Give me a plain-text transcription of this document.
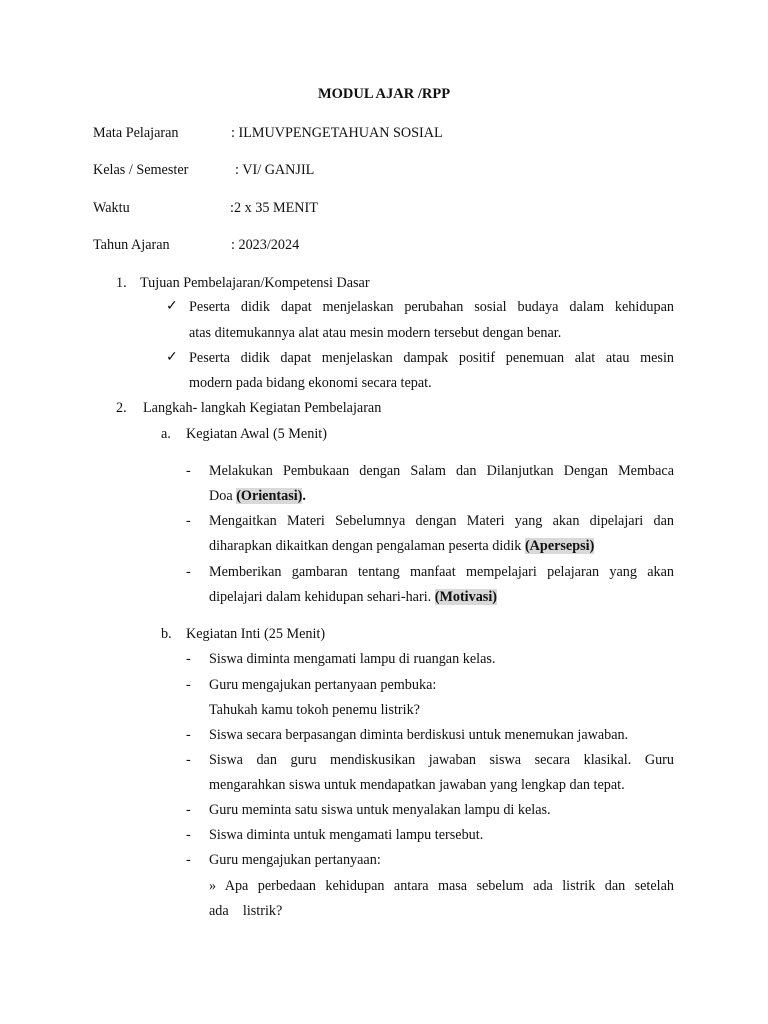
MODUL AJAR /RPP
Mata Pelajaran	: ILMUVPENGETAHUAN SOSIAL
Kelas / Semester	: VI/ GANJIL
Waktu	:2 x 35 MENIT
Tahun Ajaran	: 2023/2024
1. Tujuan Pembelajaran/Kompetensi Dasar
✓ Peserta didik dapat menjelaskan perubahan sosial budaya dalam kehidupan
atas ditemukannya alat atau mesin modern tersebut dengan benar.
✓ Peserta didik dapat menjelaskan dampak positif penemuan alat atau mesin
modern pada bidang ekonomi secara tepat.
2. Langkah- langkah Kegiatan Pembelajaran
a. Kegiatan Awal (5 Menit)
- Melakukan Pembukaan dengan Salam dan Dilanjutkan Dengan Membaca
Doa (Orientasi).
- Mengaitkan Materi Sebelumnya dengan Materi yang akan dipelajari dan
diharapkan dikaitkan dengan pengalaman peserta didik (Apersepsi)
- Memberikan gambaran tentang manfaat mempelajari pelajaran yang akan
dipelajari dalam kehidupan sehari-hari. (Motivasi)
b. Kegiatan Inti (25 Menit)
- Siswa diminta mengamati lampu di ruangan kelas.
- Guru mengajukan pertanyaan pembuka:
Tahukah kamu tokoh penemu listrik?
- Siswa secara berpasangan diminta berdiskusi untuk menemukan jawaban.
- Siswa dan guru mendiskusikan jawaban siswa secara klasikal. Guru
mengarahkan siswa untuk mendapatkan jawaban yang lengkap dan tepat.
- Guru meminta satu siswa untuk menyalakan lampu di kelas.
- Siswa diminta untuk mengamati lampu tersebut.
- Guru mengajukan pertanyaan:
» Apa perbedaan kehidupan antara masa sebelum ada listrik dan setelah
ada    listrik?
